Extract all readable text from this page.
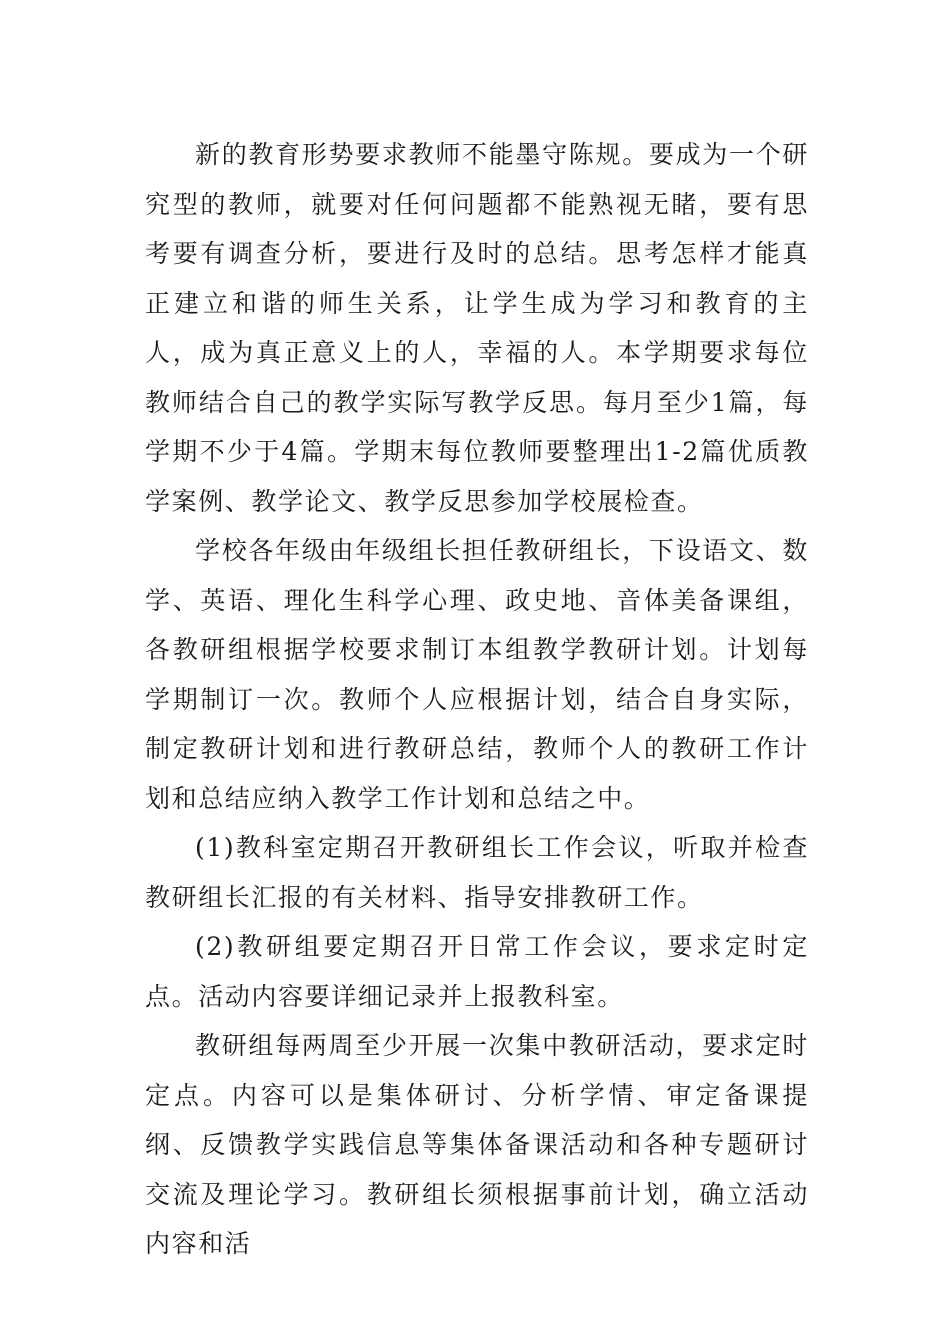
新的教育形势要求教师不能墨守陈规。要成为一个研究型的教师，就要对任何问题都不能熟视无睹，要有思考要有调查分析，要进行及时的总结。思考怎样才能真正建立和谐的师生关系，让学生成为学习和教育的主人，成为真正意义上的人，幸福的人。本学期要求每位教师结合自己的教学实际写教学反思。每月至少1篇，每学期不少于4篇。学期末每位教师要整理出1-2篇优质教学案例、教学论文、教学反思参加学校展检查。

学校各年级由年级组长担任教研组长，下设语文、数学、英语、理化生科学心理、政史地、音体美备课组，各教研组根据学校要求制订本组教学教研计划。计划每学期制订一次。教师个人应根据计划，结合自身实际，制定教研计划和进行教研总结，教师个人的教研工作计划和总结应纳入教学工作计划和总结之中。

(1)教科室定期召开教研组长工作会议，听取并检查教研组长汇报的有关材料、指导安排教研工作。

(2)教研组要定期召开日常工作会议，要求定时定点。活动内容要详细记录并上报教科室。

教研组每两周至少开展一次集中教研活动，要求定时定点。内容可以是集体研讨、分析学情、审定备课提纲、反馈教学实践信息等集体备课活动和各种专题研讨交流及理论学习。教研组长须根据事前计划，确立活动内容和活
